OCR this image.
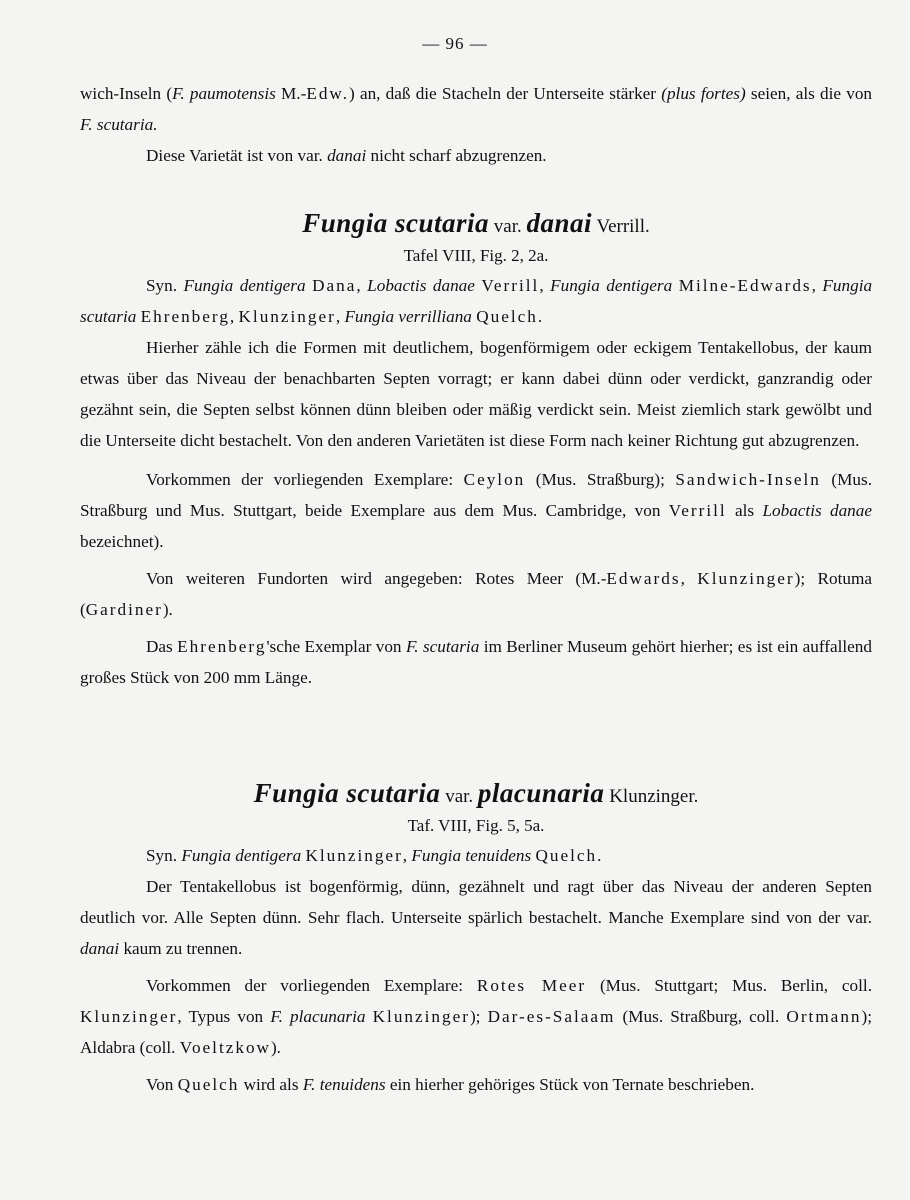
— 96 —

wich-Inseln (F. paumotensis M.-Edw.) an, daß die Stacheln der Unterseite stärker (plus fortes) seien, als die von F. scutaria.

Diese Varietät ist von var. danai nicht scharf abzugrenzen.

Fungia scutaria var. danai Verrill.

Tafel VIII, Fig. 2, 2a.

Syn. Fungia dentigera Dana, Lobactis danae Verrill, Fungia dentigera Milne-Edwards, Fungia scutaria Ehrenberg, Klunzinger, Fungia verrilliana Quelch.

Hierher zähle ich die Formen mit deutlichem, bogenförmigem oder eckigem Tentakellobus, der kaum etwas über das Niveau der benachbarten Septen vorragt; er kann dabei dünn oder verdickt, ganzrandig oder gezähnt sein, die Septen selbst können dünn bleiben oder mäßig verdickt sein. Meist ziemlich stark gewölbt und die Unterseite dicht bestachelt. Von den anderen Varietäten ist diese Form nach keiner Richtung gut abzugrenzen.

Vorkommen der vorliegenden Exemplare: Ceylon (Mus. Straßburg); Sandwich-Inseln (Mus. Straßburg und Mus. Stuttgart, beide Exemplare aus dem Mus. Cambridge, von Verrill als Lobactis danae bezeichnet).

Von weiteren Fundorten wird angegeben: Rotes Meer (M.-Edwards, Klunzinger); Rotuma (Gardiner).

Das Ehrenberg'sche Exemplar von F. scutaria im Berliner Museum gehört hierher; es ist ein auffallend großes Stück von 200 mm Länge.

Fungia scutaria var. placunaria Klunzinger.

Taf. VIII, Fig. 5, 5a.

Syn. Fungia dentigera Klunzinger, Fungia tenuidens Quelch.

Der Tentakellobus ist bogenförmig, dünn, gezähnelt und ragt über das Niveau der anderen Septen deutlich vor. Alle Septen dünn. Sehr flach. Unterseite spärlich bestachelt. Manche Exemplare sind von der var. danai kaum zu trennen.

Vorkommen der vorliegenden Exemplare: Rotes Meer (Mus. Stuttgart; Mus. Berlin, coll. Klunzinger, Typus von F. placunaria Klunzinger); Dar-es-Salaam (Mus. Straßburg, coll. Ortmann); Aldabra (coll. Voeltzkow).

Von Quelch wird als F. tenuidens ein hierher gehöriges Stück von Ternate beschrieben.
